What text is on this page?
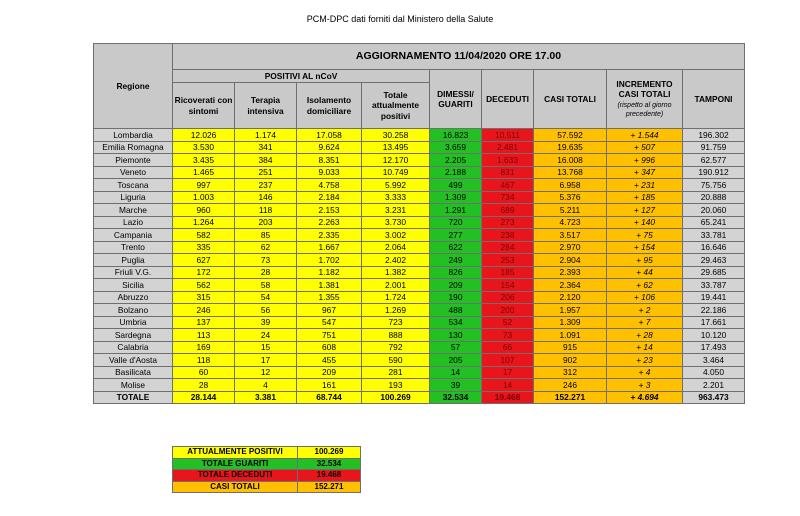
PCM-DPC dati forniti dal Ministero della Salute
Regione	AGGIORNAMENTO 11/04/2020 ORE 17.00								
	POSITIVI AL nCoV				DIMESSI/ GUARITI	DECEDUTI	CASI TOTALI	INCREMENTO CASI TOTALI
(rispetto al giorno precedente)	TAMPONI
	Ricoverati con sintomi	Terapia intensiva	Isolamento domiciliare	Totale attualmente positivi					
Lombardia	12.026	1.174	17.058	30.258	16.823	10.511	57.592	+ 1.544	196.302
Emilia Romagna	3.530	341	9.624	13.495	3.659	2.481	19.635	+ 507	91.759
Piemonte	3.435	384	8.351	12.170	2.205	1.633	16.008	+ 996	62.577
Veneto	1.465	251	9.033	10.749	2.188	831	13.768	+ 347	190.912
Toscana	997	237	4.758	5.992	499	467	6.958	+ 231	75.756
Liguria	1.003	146	2.184	3.333	1.309	734	5.376	+ 185	20.888
Marche	960	118	2.153	3.231	1.291	689	5.211	+ 127	20.060
Lazio	1.264	203	2.263	3.730	720	273	4.723	+ 140	65.241
Campania	582	85	2.335	3.002	277	238	3.517	+ 75	33.781
Trento	335	62	1.667	2.064	622	284	2.970	+ 154	16.646
Puglia	627	73	1.702	2.402	249	253	2.904	+ 95	29.463
Friuli V.G.	172	28	1.182	1.382	826	185	2.393	+ 44	29.685
Sicilia	562	58	1.381	2.001	209	154	2.364	+ 62	33.787
Abruzzo	315	54	1.355	1.724	190	206	2.120	+ 106	19.441
Bolzano	246	56	967	1.269	488	200	1.957	+ 2	22.186
Umbria	137	39	547	723	534	52	1.309	+ 7	17.661
Sardegna	113	24	751	888	130	73	1.091	+ 28	10.120
Calabria	169	15	608	792	57	66	915	+ 14	17.493
Valle d'Aosta	118	17	455	590	205	107	902	+ 23	3.464
Basilicata	60	12	209	281	14	17	312	+ 4	4.050
Molise	28	4	161	193	39	14	246	+ 3	2.201
TOTALE	28.144	3.381	68.744	100.269	32.534	19.468	152.271	+ 4.694	963.473
ATTUALMENTE POSITIVI	100.269
TOTALE GUARITI	32.534
TOTALE DECEDUTI	19.468
CASI TOTALI	152.271
